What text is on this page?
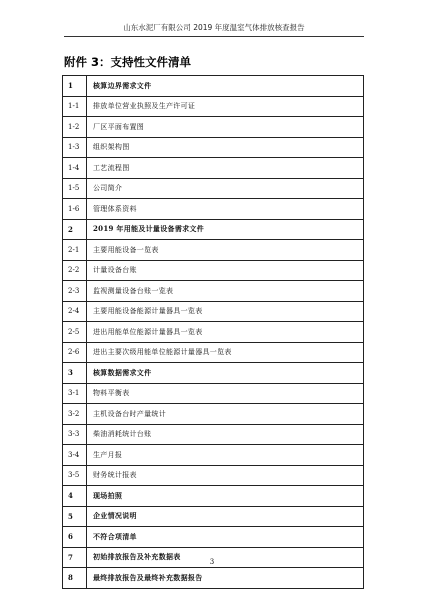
山东水泥厂有限公司 2019 年度温室气体排放核查报告
附件 3：支持性文件清单
1	核算边界需求文件
1-1	排放单位营业执照及生产许可证
1-2	厂区平面布置图
1-3	组织架构图
1-4	工艺流程图
1-5	公司简介
1-6	管理体系资料
2	2019 年用能及计量设备需求文件
2-1	主要用能设备一览表
2-2	计量设备台账
2-3	监视测量设备台账一览表
2-4	主要用能设备能源计量器具一览表
2-5	进出用能单位能源计量器具一览表
2-6	进出主要次级用能单位能源计量器具一览表
3	核算数据需求文件
3-1	物料平衡表
3-2	主机设备台时产量统计
3-3	柴油消耗统计台账
3-4	生产月报
3-5	财务统计报表
4	现场拍照
5	企业情况说明
6	不符合项清单
7	初始排放报告及补充数据表
8	最终排放报告及最终补充数据报告
3
